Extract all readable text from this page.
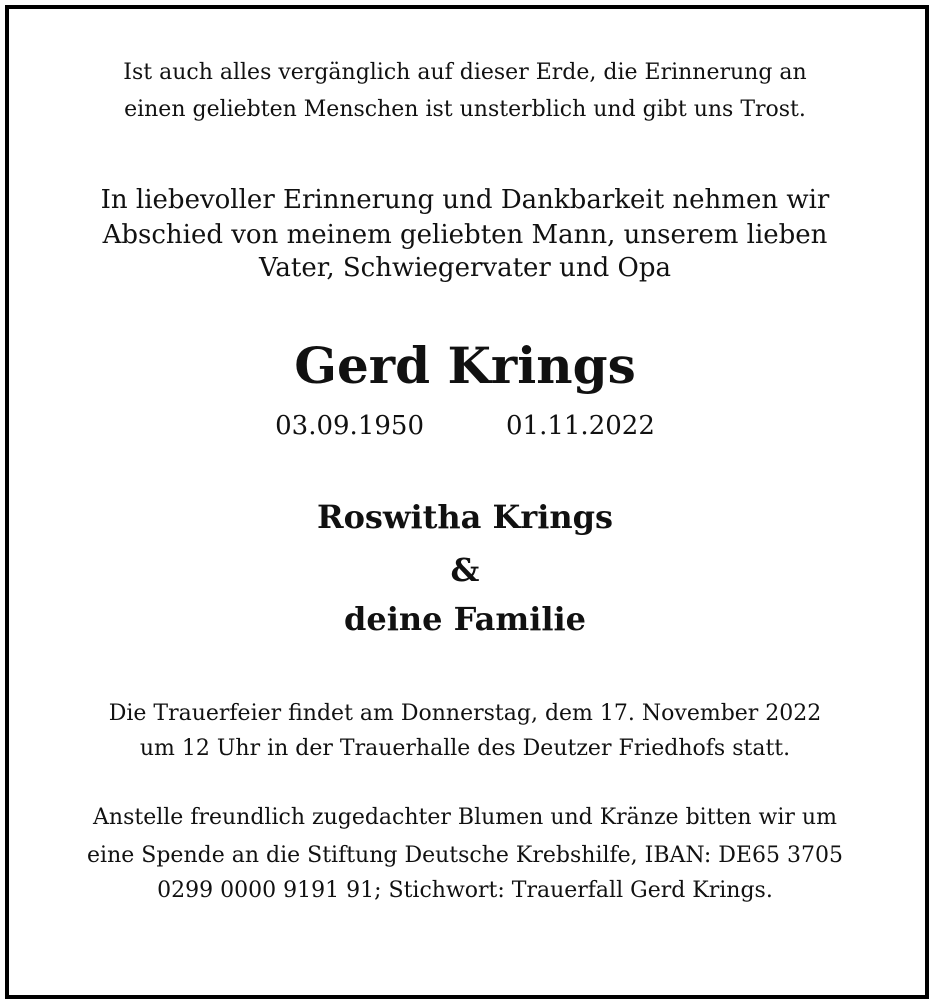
Ist auch alles vergänglich auf dieser Erde, die Erinnerung an
einen geliebten Menschen ist unsterblich und gibt uns Trost.
In liebevoller Erinnerung und Dankbarkeit nehmen wir
Abschied von meinem geliebten Mann, unserem lieben
Vater, Schwiegervater und Opa
Gerd Krings
03.09.1950	01.11.2022
Roswitha Krings
&
deine Familie
Die Trauerfeier findet am Donnerstag, dem 17. November 2022
um 12 Uhr in der Trauerhalle des Deutzer Friedhofs statt.
Anstelle freundlich zugedachter Blumen und Kränze bitten wir um
eine Spende an die Stiftung Deutsche Krebshilfe, IBAN: DE65 3705
0299 0000 9191 91; Stichwort: Trauerfall Gerd Krings.
